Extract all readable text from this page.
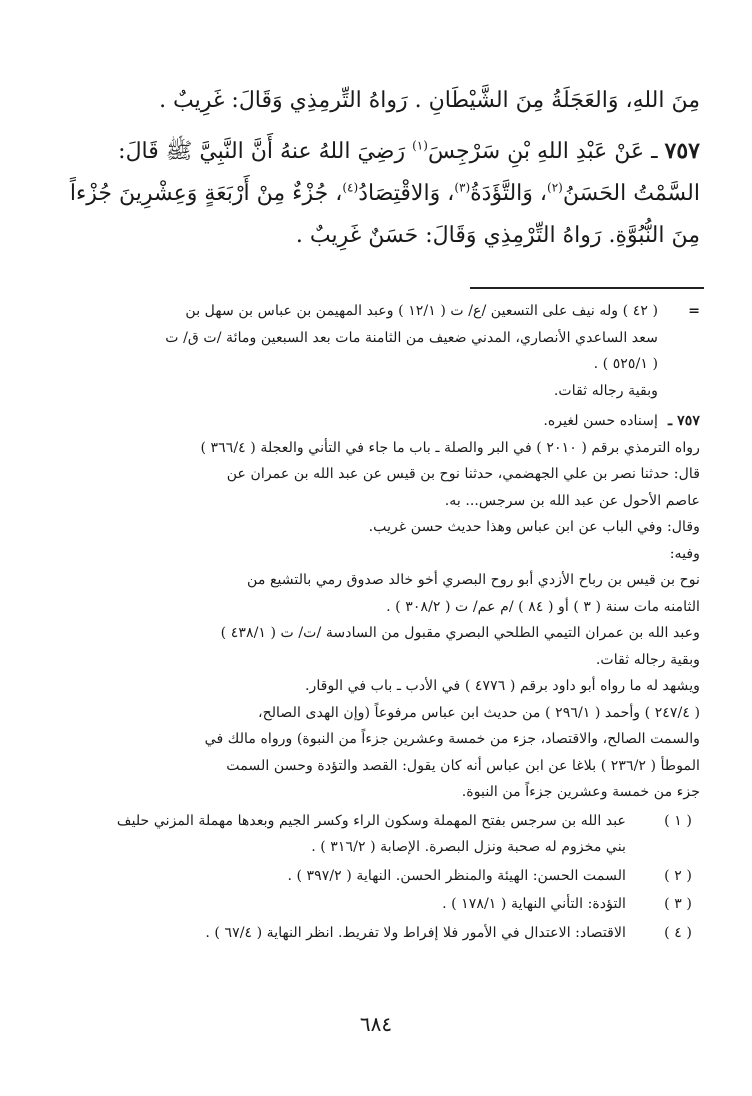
مِنَ اللهِ، وَالعَجَلَةُ مِنَ الشَّيْطَانِ . رَواهُ التِّرمِذِي وَقَالَ: غَرِيبٌ .
٧٥٧ ـ عَنْ عَبْدِ اللهِ بْنِ سَرْجِسَ$^{(١)}$ رَضِيَ اللهُ عنهُ أَنَّ النَّبِيَّ ﷺ قَالَ:
السَّمْتُ الحَسَنُ$^{(٢)}$، وَالتَّؤَدَةُ$^{(٣)}$، وَالاقْتِصَادُ$^{(٤)}$، جُزْءٌ مِنْ أَرْبَعَةٍ وَعِشْرِينَ جُزْءاً
مِنَ النُّبُوَّةِ. رَواهُ التِّرْمِذِي وَقَالَ: حَسَنٌ غَرِيبٌ .
=
( ٤٢ ) وله نيف على التسعين /ع/ ت ( ١٢/١ ) وعبد المهيمن بن عباس بن سهل بن
سعد الساعدي الأنصاري، المدني ضعيف من الثامنة مات بعد السبعين ومائة /ت ق/ ت
( ٥٢٥/١ ) .
وبقية رجاله ثقات.
٧٥٧ ـ
إسناده حسن لغيره.
رواه الترمذي برقم ( ٢٠١٠ ) في البر والصلة ـ باب ما جاء في التأني والعجلة ( ٣٦٦/٤ )
قال: حدثنا نصر بن علي الجهضمي، حدثنا نوح بن قيس عن عبد الله بن عمران عن
عاصم الأحول عن عبد الله بن سرجس... به.
وقال: وفي الباب عن ابن عباس وهذا حديث حسن غريب.
وفيه:
نوح بن قيس بن رباح الأزدي أبو روح البصري أخو خالد صدوق رمي بالتشيع من
الثامنه مات سنة ( ٣ ) أو ( ٨٤ ) /م عم/ ت ( ٣٠٨/٢ ) .
وعبد الله بن عمران التيمي الطلحي البصري مقبول من السادسة /ت/ ت ( ٤٣٨/١ )
وبقية رجاله ثقات.
ويشهد له ما رواه أبو داود برقم ( ٤٧٧٦ ) في الأدب ـ باب في الوقار.
( ٢٤٧/٤ ) وأحمد ( ٢٩٦/١ ) من حديث ابن عباس مرفوعاً (وإن الهدى الصالح،
والسمت الصالح، والاقتصاد، جزء من خمسة وعشرين جزءاً من النبوة) ورواه مالك في
الموطأ ( ٢٣٦/٢ ) بلاغا عن ابن عباس أنه كان يقول: القصد والتؤدة وحسن السمت
جزء من خمسة وعشرين جزءاً من النبوة.
( ١ )
عبد الله بن سرجس بفتح المهملة وسكون الراء وكسر الجيم وبعدها مهملة المزني حليف
بني مخزوم له صحبة ونزل البصرة. الإصابة ( ٣١٦/٢ ) .
( ٢ )
السمت الحسن: الهيئة والمنظر الحسن. النهاية ( ٣٩٧/٢ ) .
( ٣ )
التؤدة: التأني النهاية ( ١٧٨/١ ) .
( ٤ )
الاقتصاد: الاعتدال في الأمور فلا إفراط ولا تفريط. انظر النهاية ( ٦٧/٤ ) .
٦٨٤
